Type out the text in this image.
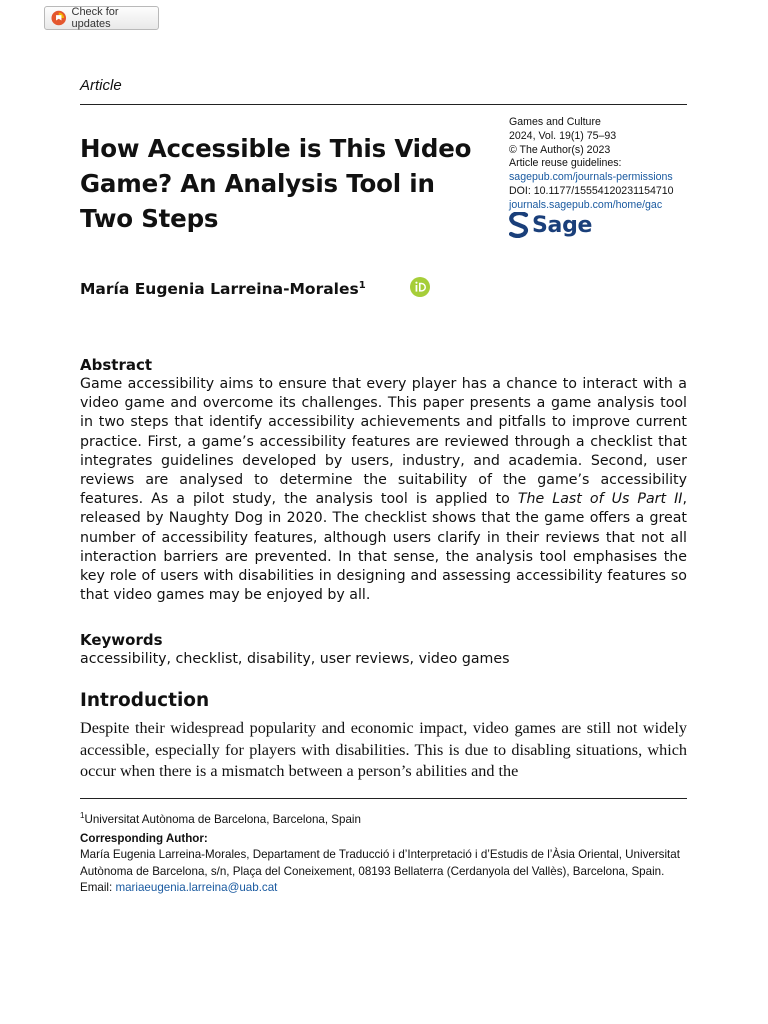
Check for updates
Article
How Accessible is This Video
Game? An Analysis Tool in
Two Steps
Games and Culture
2024, Vol. 19(1) 75–93
© The Author(s) 2023
Article reuse guidelines:
sagepub.com/journals-permissions
DOI: 10.1177/15554120231154710
journals.sagepub.com/home/gac
Sage
María Eugenia Larreina-Morales$^1$
Abstract
Game accessibility aims to ensure that every player has a chance to interact with a video game and overcome its challenges. This paper presents a game analysis tool in two steps that identify accessibility achievements and pitfalls to improve current practice. First, a game’s accessibility features are reviewed through a checklist that integrates guidelines developed by users, industry, and academia. Second, user reviews are analysed to determine the suitability of the game’s accessibility features. As a pilot study, the analysis tool is applied to The Last of Us Part II, released by Naughty Dog in 2020. The checklist shows that the game offers a great number of accessibility features, although users clarify in their reviews that not all interaction barriers are prevented. In that sense, the analysis tool emphasises the key role of users with disabilities in designing and assessing accessibility features so that video games may be enjoyed by all.
Keywords
accessibility, checklist, disability, user reviews, video games
Introduction
Despite their widespread popularity and economic impact, video games are still not widely accessible, especially for players with disabilities. This is due to disabling situations, which occur when there is a mismatch between a person’s abilities and the
$^1$Universitat Autònoma de Barcelona, Barcelona, Spain
Corresponding Author:
María Eugenia Larreina-Morales, Departament de Traducció i d’Interpretació i d’Estudis de l’Àsia Oriental, Universitat Autònoma de Barcelona, s/n, Plaça del Coneixement, 08193 Bellaterra (Cerdanyola del Vallès), Barcelona, Spain.
Email: mariaeugenia.larreina@uab.cat
